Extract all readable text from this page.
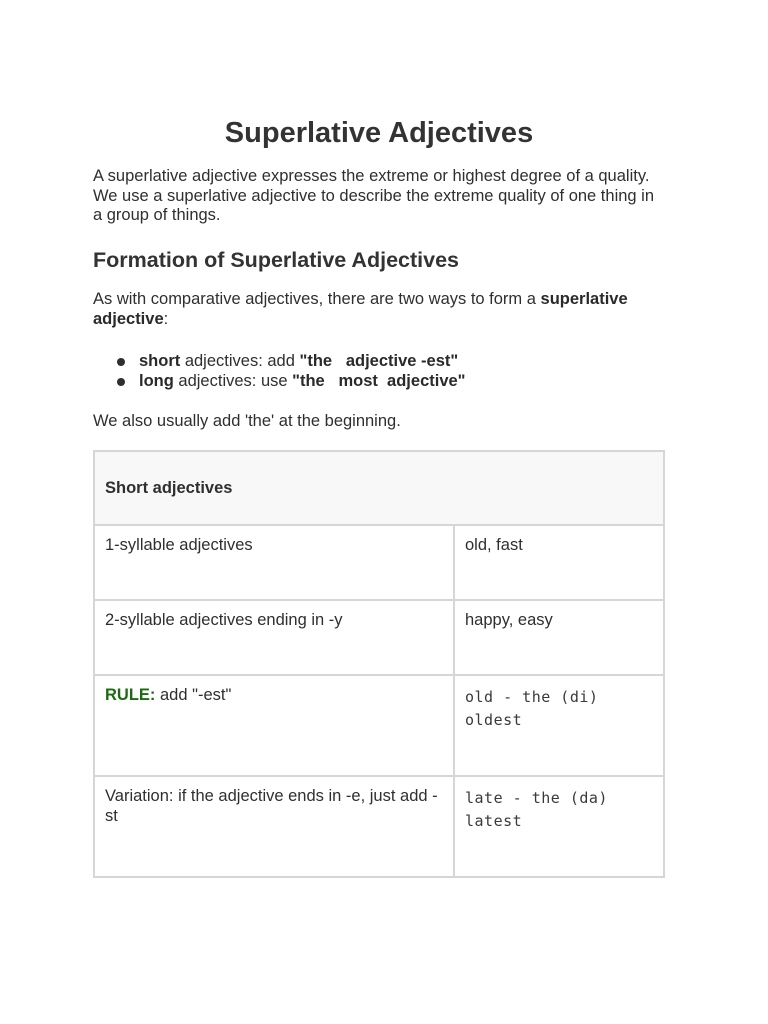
Superlative Adjectives

A superlative adjective expresses the extreme or highest degree of a quality. We use a superlative adjective to describe the extreme quality of one thing in a group of things.

Formation of Superlative Adjectives

As with comparative adjectives, there are two ways to form a superlative adjective:

short adjectives: add "the   adjective -est"
long adjectives: use "the   most  adjective"

We also usually add 'the' at the beginning.

Short adjectives	
1-syllable adjectives	old, fast
2-syllable adjectives ending in -y	happy, easy
RULE: add "-est"	old - the (di) oldest
Variation: if the adjective ends in -e, just add -st	late - the (da) latest
